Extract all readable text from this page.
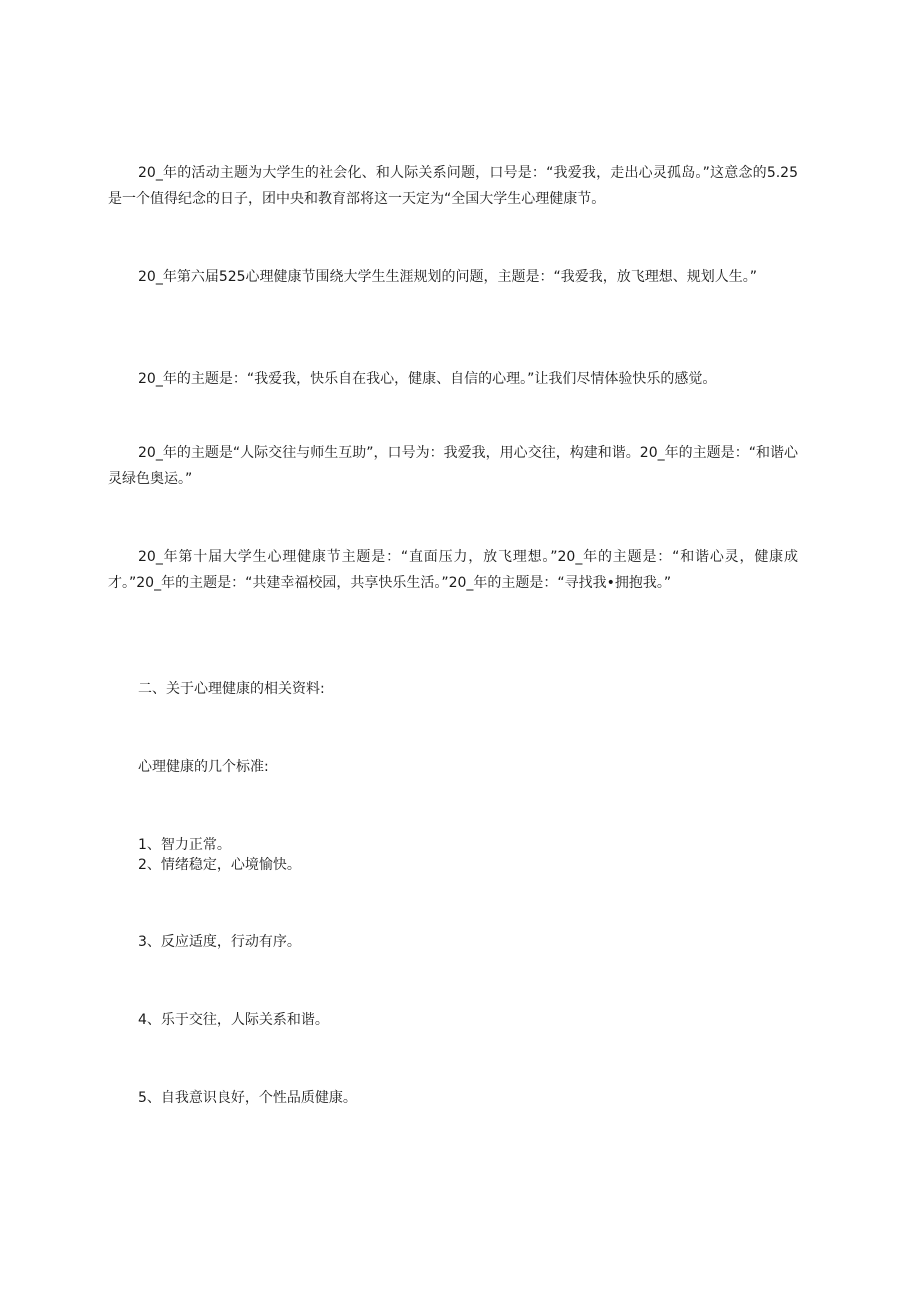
20_年的活动主题为大学生的社会化、和人际关系问题，口号是：“我爱我，走出心灵孤岛。”这意念的5.25是一个值得纪念的日子，团中央和教育部将这一天定为“全国大学生心理健康节。

20_年第六届525心理健康节围绕大学生生涯规划的问题，主题是：“我爱我，放飞理想、规划人生。”

20_年的主题是：“我爱我，快乐自在我心，健康、自信的心理。”让我们尽情体验快乐的感觉。

20_年的主题是“人际交往与师生互助”，口号为：我爱我，用心交往，构建和谐。20_年的主题是：“和谐心灵绿色奥运。”

20_年第十届大学生心理健康节主题是：“直面压力，放飞理想。”20_年的主题是：“和谐心灵，健康成才。”20_年的主题是：“共建幸福校园，共享快乐生活。”20_年的主题是：“寻找我•拥抱我。”

二、关于心理健康的相关资料:

心理健康的几个标准:

1、智力正常。

2、情绪稳定，心境愉快。

3、反应适度，行动有序。

4、乐于交往，人际关系和谐。

5、自我意识良好，个性品质健康。
